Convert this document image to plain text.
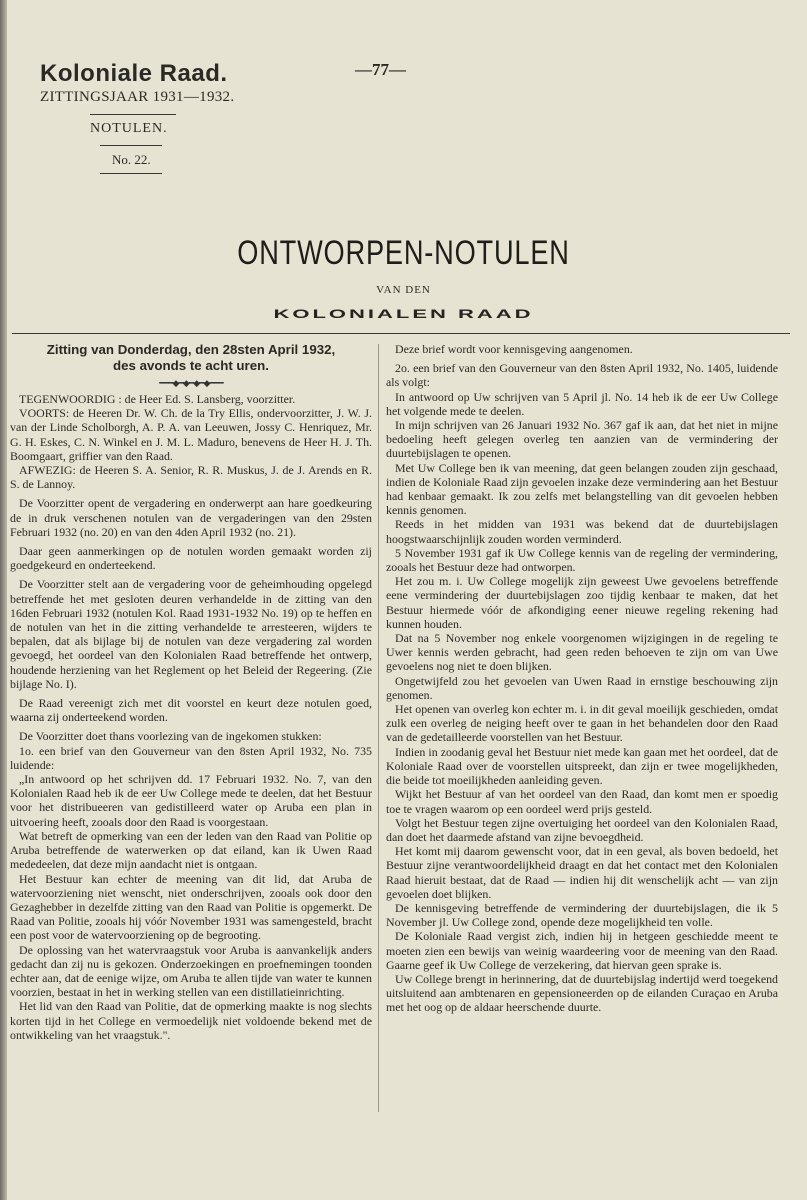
Koloniale Raad.
ZITTINGSJAAR 1931—1932.
—77—
NOTULEN.
No. 22.
ONTWORPEN-NOTULEN
VAN DEN
KOLONIALEN RAAD
Zitting van Donderdag, den 28sten April 1932,
des avonds te acht uren.
━━━◆━◆━◆━◆━━━

TEGENWOORDIG : de Heer Ed. S. Lansberg, voorzitter.

VOORTS: de Heeren Dr. W. Ch. de la Try Ellis, ondervoorzitter, J. W. J. van der Linde Scholborgh, A. P. A. van Leeuwen, Jossy C. Henriquez, Mr. G. H. Eskes, C. N. Winkel en J. M. L. Maduro, benevens de Heer H. J. Th. Boomgaart, griffier van den Raad.

AFWEZIG: de Heeren S. A. Senior, R. R. Muskus, J. de J. Arends en R. S. de Lannoy.

De Voorzitter opent de vergadering en onderwerpt aan hare goedkeuring de in druk verschenen notulen van de vergaderingen van den 29sten Februari 1932 (no. 20) en van den 4den April 1932 (no. 21).

Daar geen aanmerkingen op de notulen worden gemaakt worden zij goedgekeurd en onderteekend.

De Voorzitter stelt aan de vergadering voor de geheimhouding opgelegd betreffende het met gesloten deuren verhandelde in de zitting van den 16den Februari 1932 (notulen Kol. Raad 1931-1932 No. 19) op te heffen en de notulen van het in die zitting verhandelde te arresteeren, wijders te bepalen, dat als bijlage bij de notulen van deze vergadering zal worden gevoegd, het oordeel van den Kolonialen Raad betreffende het ontwerp, houdende herziening van het Reglement op het Beleid der Regeering. (Zie bijlage No. I).

De Raad vereenigt zich met dit voorstel en keurt deze notulen goed, waarna zij onderteekend worden.

De Voorzitter doet thans voorlezing van de ingekomen stukken:

1o. een brief van den Gouverneur van den 8sten April 1932, No. 735 luidende:

„In antwoord op het schrijven dd. 17 Februari 1932. No. 7, van den Kolonialen Raad heb ik de eer Uw College mede te deelen, dat het Bestuur voor het distribueeren van gedistilleerd water op Aruba een plan in uitvoering heeft, zooals door den Raad is voorgestaan.

Wat betreft de opmerking van een der leden van den Raad van Politie op Aruba betreffende de waterwerken op dat eiland, kan ik Uwen Raad mededeelen, dat deze mijn aandacht niet is ontgaan.

Het Bestuur kan echter de meening van dit lid, dat Aruba de watervoorziening niet wenscht, niet onderschrijven, zooals ook door den Gezaghebber in dezelfde zitting van den Raad van Politie is opgemerkt. De Raad van Politie, zooals hij vóór November 1931 was samengesteld, bracht een post voor de watervoorziening op de begrooting.

De oplossing van het watervraagstuk voor Aruba is aanvankelijk anders gedacht dan zij nu is gekozen. Onderzoekingen en proefnemingen toonden echter aan, dat de eenige wijze, om Aruba te allen tijde van water te kunnen voorzien, bestaat in het in werking stellen van een distillatieinrichting.

Het lid van den Raad van Politie, dat de opmerking maakte is nog slechts korten tijd in het College en vermoedelijk niet voldoende bekend met de ontwikkeling van het vraagstuk.".

Deze brief wordt voor kennisgeving aangenomen.

2o. een brief van den Gouverneur van den 8sten April 1932, No. 1405, luidende als volgt:

In antwoord op Uw schrijven van 5 April jl. No. 14 heb ik de eer Uw College het volgende mede te deelen.

In mijn schrijven van 26 Januari 1932 No. 367 gaf ik aan, dat het niet in mijne bedoeling heeft gelegen overleg ten aanzien van de vermindering der duurtebijslagen te openen.

Met Uw College ben ik van meening, dat geen belangen zouden zijn geschaad, indien de Koloniale Raad zijn gevoelen inzake deze vermindering aan het Bestuur had kenbaar gemaakt. Ik zou zelfs met belangstelling van dit gevoelen hebben kennis genomen.

Reeds in het midden van 1931 was bekend dat de duurtebijslagen hoogstwaarschijnlijk zouden worden verminderd.

5 November 1931 gaf ik Uw College kennis van de regeling der vermindering, zooals het Bestuur deze had ontworpen.

Het zou m. i. Uw College mogelijk zijn geweest Uwe gevoelens betreffende eene vermindering der duurtebijslagen zoo tijdig kenbaar te maken, dat het Bestuur hiermede vóór de afkondiging eener nieuwe regeling rekening had kunnen houden.

Dat na 5 November nog enkele voorgenomen wijzigingen in de regeling te Uwer kennis werden gebracht, had geen reden behoeven te zijn om van Uwe gevoelens nog niet te doen blijken.

Ongetwijfeld zou het gevoelen van Uwen Raad in ernstige beschouwing zijn genomen.

Het openen van overleg kon echter m. i. in dit geval moeilijk geschieden, omdat zulk een overleg de neiging heeft over te gaan in het behandelen door den Raad van de gedetailleerde voorstellen van het Bestuur.

Indien in zoodanig geval het Bestuur niet mede kan gaan met het oordeel, dat de Koloniale Raad over de voorstellen uitspreekt, dan zijn er twee mogelijkheden, die beide tot moeilijkheden aanleiding geven.

Wijkt het Bestuur af van het oordeel van den Raad, dan komt men er spoedig toe te vragen waarom op een oordeel werd prijs gesteld.

Volgt het Bestuur tegen zijne overtuiging het oordeel van den Kolonialen Raad, dan doet het daarmede afstand van zijne bevoegdheid.

Het komt mij daarom gewenscht voor, dat in een geval, als boven bedoeld, het Bestuur zijne verantwoordelijkheid draagt en dat het contact met den Kolonialen Raad hieruit bestaat, dat de Raad — indien hij dit wenschelijk acht — van zijn gevoelen doet blijken.

De kennisgeving betreffende de vermindering der duurtebijslagen, die ik 5 November jl. Uw College zond, opende deze mogelijkheid ten volle.

De Koloniale Raad vergist zich, indien hij in hetgeen geschiedde meent te moeten zien een bewijs van weinig waardeering voor de meening van den Raad. Gaarne geef ik Uw College de verzekering, dat hiervan geen sprake is.

Uw College brengt in herinnering, dat de duurtebijslag indertijd werd toegekend uitsluitend aan ambtenaren en gepensioneerden op de eilanden Curaçao en Aruba met het oog op de aldaar heerschende duurte.
